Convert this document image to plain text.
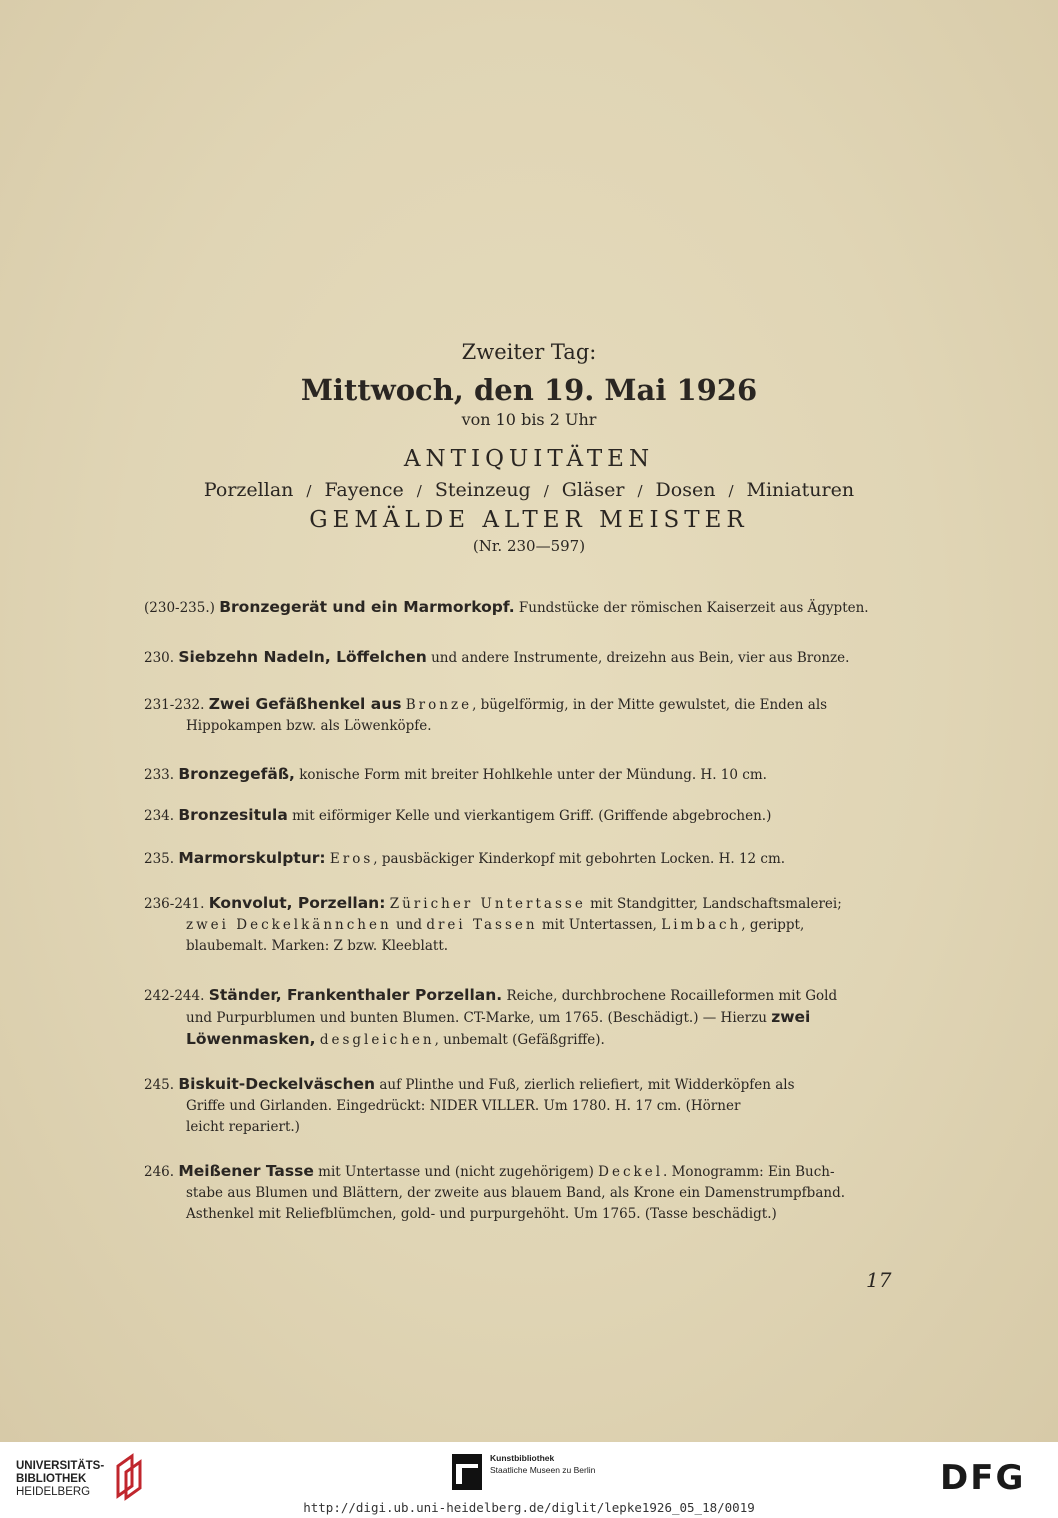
Zweiter Tag:
Mittwoch, den 19. Mai 1926
von 10 bis 2 Uhr
ANTIQUITÄTEN
Porzellan / Fayence / Steinzeug / Gläser / Dosen / Miniaturen
GEMÄLDE ALTER MEISTER
(Nr. 230—597)
(230-235.) Bronzegerät und ein Marmorkopf. Fundstücke der römischen Kaiserzeit aus Ägypten.
230. Siebzehn Nadeln, Löffelchen und andere Instrumente, dreizehn aus Bein, vier aus Bronze.
231-232. Zwei Gefäßhenkel aus Bronze, bügelförmig, in der Mitte gewulstet, die Enden als
Hippokampen bzw. als Löwenköpfe.
233. Bronzegefäß, konische Form mit breiter Hohlkehle unter der Mündung. H. 10 cm.
234. Bronzesitula mit eiförmiger Kelle und vierkantigem Griff. (Griffende abgebrochen.)
235. Marmorskulptur: Eros, pausbäckiger Kinderkopf mit gebohrten Locken. H. 12 cm.
236-241. Konvolut, Porzellan: Züricher Untertasse mit Standgitter, Landschaftsmalerei;
zwei Deckelkännchen und drei Tassen mit Untertassen, Limbach, gerippt,
blaubemalt. Marken: Z bzw. Kleeblatt.
242-244. Ständer, Frankenthaler Porzellan. Reiche, durchbrochene Rocailleformen mit Gold
und Purpurblumen und bunten Blumen. CT-Marke, um 1765. (Beschädigt.) — Hierzu zwei
Löwenmasken, desgleichen, unbemalt (Gefäßgriffe).
245. Biskuit-Deckelväschen auf Plinthe und Fuß, zierlich reliefiert, mit Widderköpfen als
Griffe und Girlanden. Eingedrückt: NIDER VILLER. Um 1780. H. 17 cm. (Hörner
leicht repariert.)
246. Meißener Tasse mit Untertasse und (nicht zugehörigem) Deckel. Monogramm: Ein Buch-
stabe aus Blumen und Blättern, der zweite aus blauem Band, als Krone ein Damenstrumpfband.
Asthenkel mit Reliefblümchen, gold- und purpurgehöht. Um 1765. (Tasse beschädigt.)
17
UNIVERSITÄTS-
BIBLIOTHEK
HEIDELBERG
Kunstbibliothek
Staatliche Museen zu Berlin	DFG
http://digi.ub.uni-heidelberg.de/diglit/lepke1926_05_18/0019
